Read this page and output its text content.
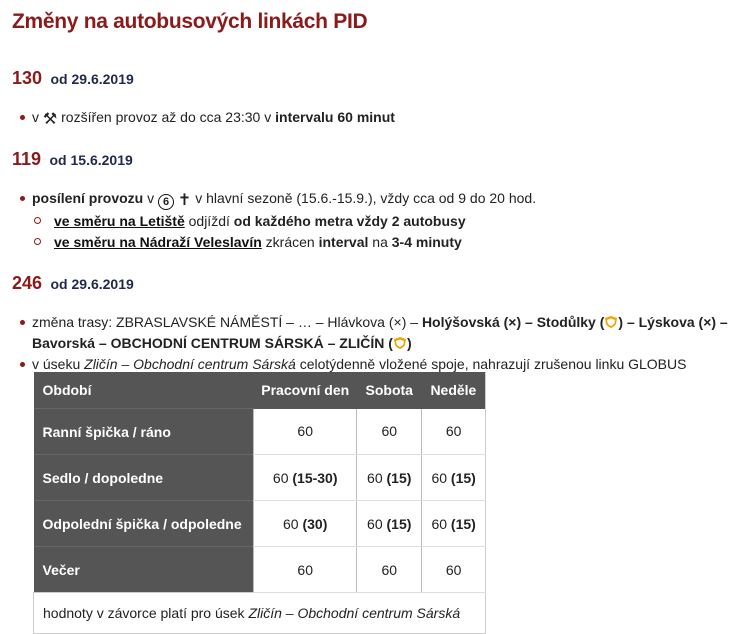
Změny na autobusových linkách PID
130 od 29.6.2019
v ⚒ rozšířen provoz až do cca 23:30 v intervalu 60 minut
119 od 15.6.2019
posílení provozu v 6 ✝ v hlavní sezoně (15.6.-15.9.), vždy cca od 9 do 20 hod.
ve směru na Letiště odjíždí od každého metra vždy 2 autobusy
ve směru na Nádraží Veleslavín zkrácen interval na 3-4 minuty
246 od 29.6.2019
změna trasy: ZBRASLAVSKÉ NÁMĚSTÍ – … – Hlávkova (×) – Holýšovská (×) – Stodůlky ( ) – Lýskova (×) – Bavorská – OBCHODNÍ CENTRUM SÁRSKÁ – ZLIČÍN ( )
v úseku Zličín – Obchodní centrum Sárská celotýdenně vložené spoje, nahrazují zrušenou linku GLOBUS
Období	Pracovní den	Sobota	Neděle
Ranní špička / ráno	60	60	60
Sedlo / dopoledne	60 (15-30)	60 (15)	60 (15)
Odpolední špička / odpoledne	60 (30)	60 (15)	60 (15)
Večer	60	60	60
hodnoty v závorce platí pro úsek Zličín – Obchodní centrum Sárská			
